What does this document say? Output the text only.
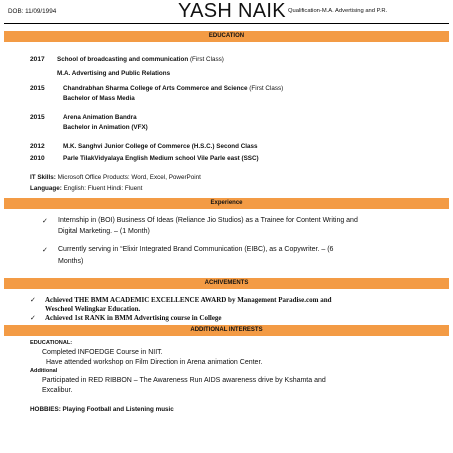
DOB: 11/09/1994	YASH NAIK Qualification-M.A. Advertising and P.R.
EDUCATION
2017 School of broadcasting and communication (First Class)
M.A. Advertising and Public Relations
2015	Chandrabhan Sharma College of Arts Commerce and Science (First Class)
Bachelor of Mass Media
2015	Arena Animation Bandra
Bachelor in Animation (VFX)
2012	M.K. Sanghvi Junior College of Commerce (H.S.C.) Second Class
2010	Parle TilakVidyalaya English Medium school Vile Parle east (SSC)
IT Skills: Microsoft Office Products: Word, Excel, PowerPoint
Language: English: Fluent Hindi: Fluent
Experience
✓ Internship in (BOI) Business Of Ideas (Reliance Jio Studios) as a Trainee for Content Writing and
Digital Marketing. – (1 Month)
✓ Currently serving in “Elixir Integrated Brand Communication (EIBC), as a Copywriter. – (6
Months)
ACHIVEMENTS
✓ Achieved THE BMM ACADEMIC EXCELLENCE AWARD by Management Paradise.com and
Wescheol Welingkar Education.
✓ Achieved 1st RANK in BMM Advertising course in College
ADDITIONAL INTERESTS
EDUCATIONAL:
Completed INFOEDGE Course in NIIT.
Have attended workshop on Film Direction in Arena animation Center.
Additional
Participated in RED RIBBON – The Awareness Run AIDS awareness drive by Kshamta and
Excalibur.
HOBBIES: Playing Football and Listening music
